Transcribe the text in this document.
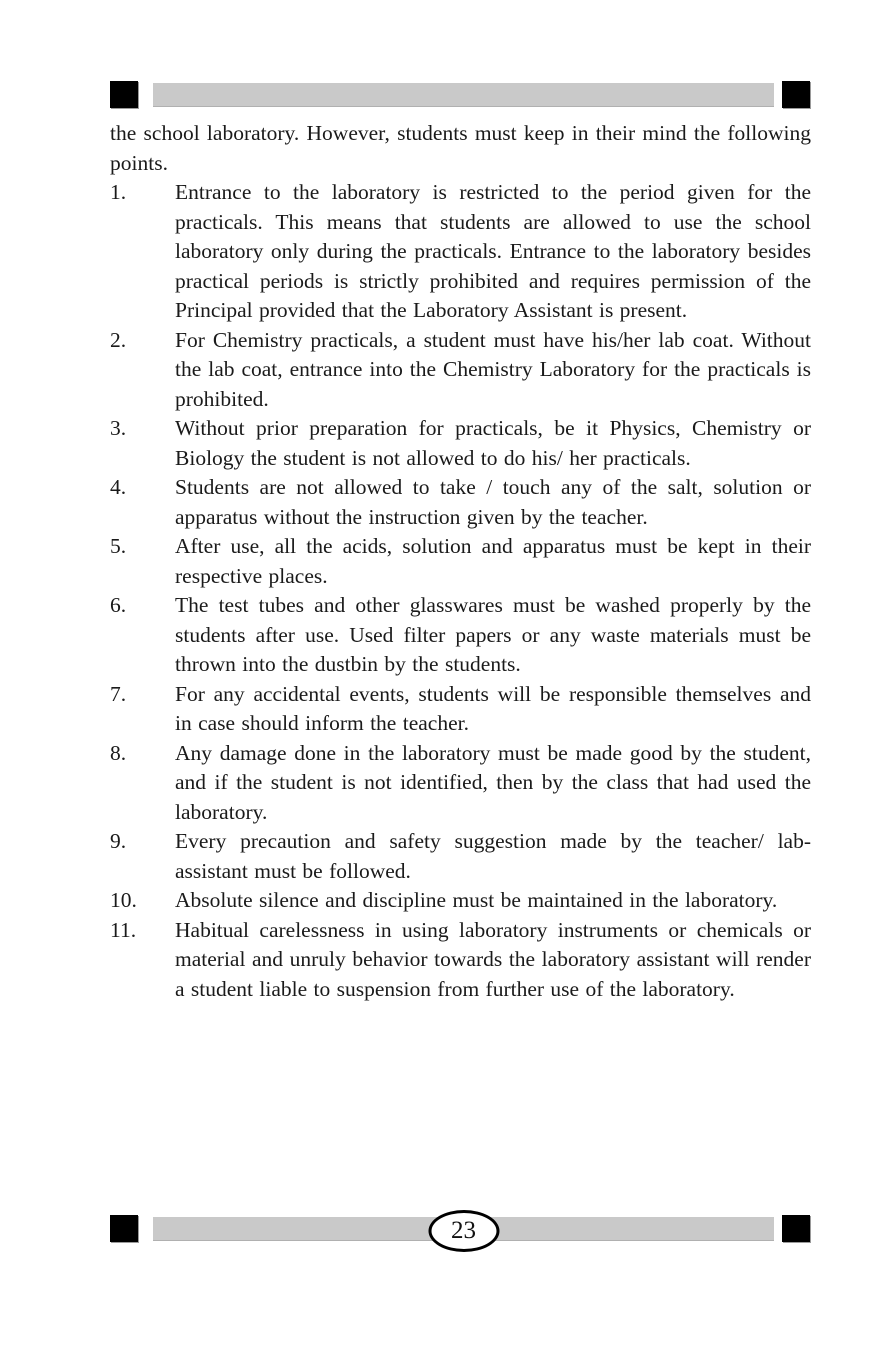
the school laboratory. However, students must keep in their mind the following points.

1.	Entrance to the laboratory is restricted to the period given for the practicals. This means that students are allowed to use the school laboratory only during the practicals. Entrance to the laboratory besides practical periods is strictly prohibited and requires permission of the Principal provided that the Laboratory Assistant is present.
2.	For Chemistry practicals, a student must have his/her lab coat. Without the lab coat, entrance into the Chemistry Laboratory for the practicals is prohibited.
3.	Without prior preparation for practicals, be it Physics, Chemistry or Biology the student is not allowed to do his/ her practicals.
4.	Students are not allowed to take / touch any of the salt, solution or apparatus without the instruction given by the teacher.
5.	After use, all the acids, solution and apparatus must be kept in their respective places.
6.	The test tubes and other glasswares must be washed properly by the students after use. Used filter papers or any waste materials must be thrown into the dustbin by the students.
7.	For any accidental events, students will be responsible themselves and in case should inform the teacher.
8.	Any damage done in the laboratory must be made good by the student, and if the student is not identified, then by the class that had used the laboratory.
9.	Every precaution and safety suggestion made by the teacher/ lab-assistant must be followed.
10.	Absolute silence and discipline must be maintained in the laboratory.
11.	Habitual carelessness in using laboratory instruments or chemicals or material and unruly behavior towards the laboratory assistant will render a student liable to suspension from further use of the laboratory.
23
